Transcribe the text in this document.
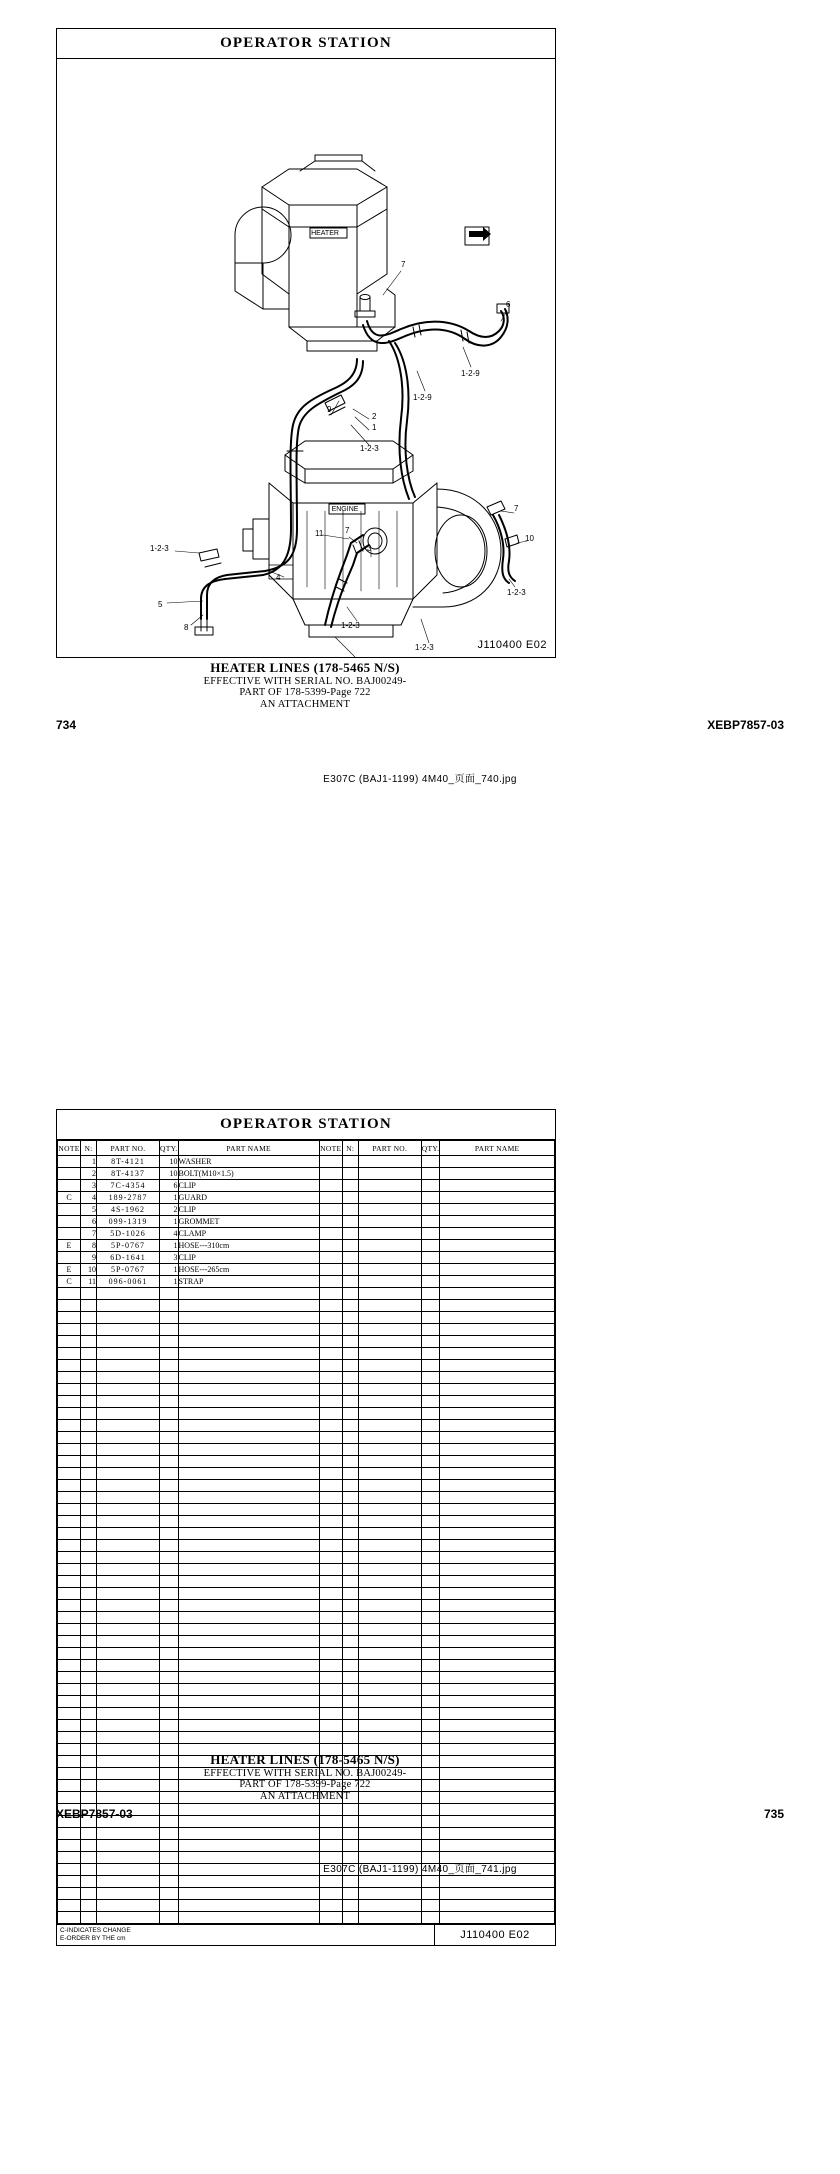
OPERATOR STATION
HEATER
ENGINE
7
6
1-2-9
1-2-9
9
2
1
1-2-3
7
10
11	7
3
1-2-3
4
1-2-3
5
8	1-2-3
1-2-3	J110400 E02
HEATER LINES (178-5465 N/S)
EFFECTIVE WITH SERIAL NO. BAJ00249-
PART OF 178-5399-Page 722
AN ATTACHMENT
734	XEBP7857-03
E307C (BAJ1-1199) 4M40_页面_740.jpg
OPERATOR STATION
NOTE	N:	PART NO.	QTY.	PART NAME	NOTE	N:	PART NO.	QTY.	PART NAME
	1	8T-4121	10	WASHER					
	2	8T-4137	10	BOLT(M10×1.5)					
	3	7C-4354	6	CLIP					
C	4	189-2787	1	GUARD					
	5	4S-1962	2	CLIP					
	6	099-1319	1	GROMMET					
	7	5D-1026	4	CLAMP					
E	8	5P-0767	1	HOSE---310cm					
	9	6D-1641	3	CLIP					
E	10	5P-0767	1	HOSE---265cm					
C	11	096-0061	1	STRAP					

C-INDICATES CHANGE
E-ORDER BY THE cm	J110400 E02
HEATER LINES (178-5465 N/S)
EFFECTIVE WITH SERIAL NO. BAJ00249-
PART OF 178-5399-Page 722
AN ATTACHMENT
XEBP7857-03	735
E307C (BAJ1-1199) 4M40_页面_741.jpg
